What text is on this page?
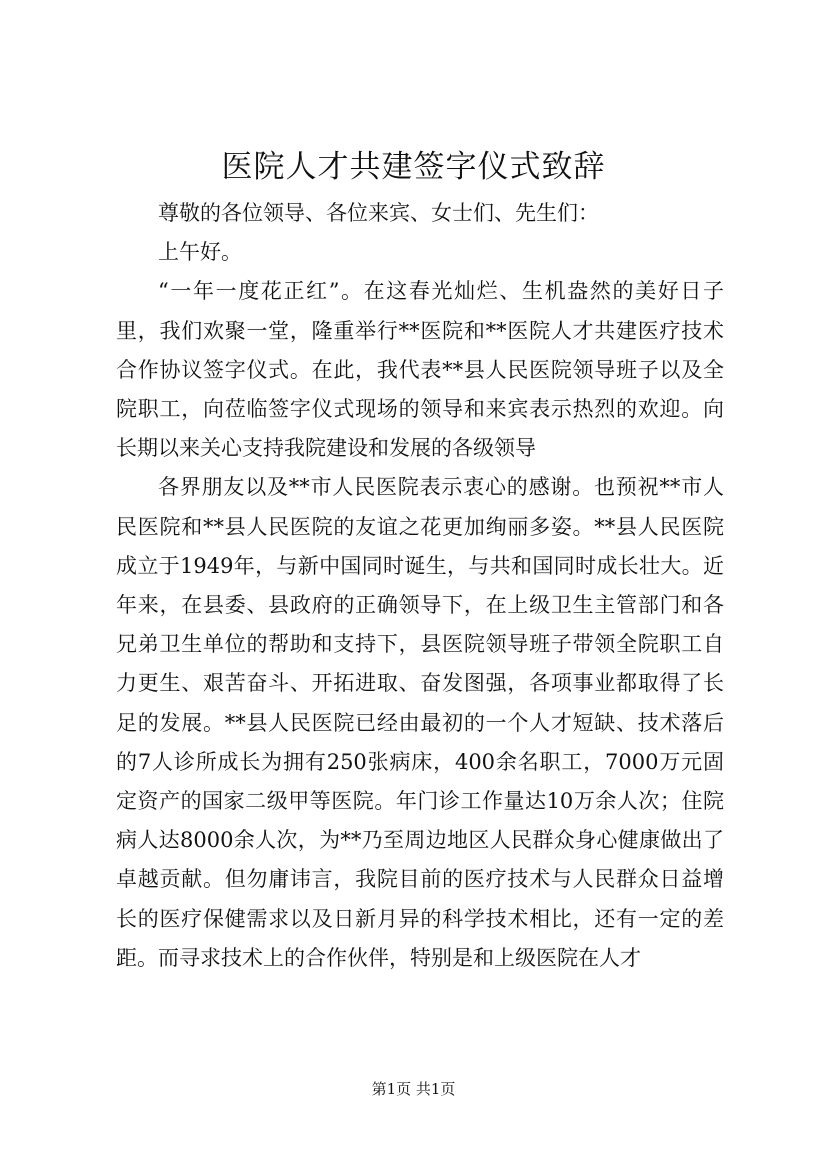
医院人才共建签字仪式致辞

尊敬的各位领导、各位来宾、女士们、先生们：

上午好。

“一年一度花正红”。在这春光灿烂、生机盎然的美好日子里，我们欢聚一堂，隆重举行**医院和**医院人才共建医疗技术合作协议签字仪式。在此，我代表**县人民医院领导班子以及全院职工，向莅临签字仪式现场的领导和来宾表示热烈的欢迎。向长期以来关心支持我院建设和发展的各级领导

各界朋友以及**市人民医院表示衷心的感谢。也预祝**市人民医院和**县人民医院的友谊之花更加绚丽多姿。**县人民医院成立于1949年，与新中国同时诞生，与共和国同时成长壮大。近年来，在县委、县政府的正确领导下，在上级卫生主管部门和各兄弟卫生单位的帮助和支持下，县医院领导班子带领全院职工自力更生、艰苦奋斗、开拓进取、奋发图强，各项事业都取得了长足的发展。**县人民医院已经由最初的一个人才短缺、技术落后的7人诊所成长为拥有250张病床，400余名职工，7000万元固定资产的国家二级甲等医院。年门诊工作量达10万余人次；住院病人达8000余人次，为**乃至周边地区人民群众身心健康做出了卓越贡献。但勿庸讳言，我院目前的医疗技术与人民群众日益增长的医疗保健需求以及日新月异的科学技术相比，还有一定的差距。而寻求技术上的合作伙伴，特别是和上级医院在人才

第1页 共1页
